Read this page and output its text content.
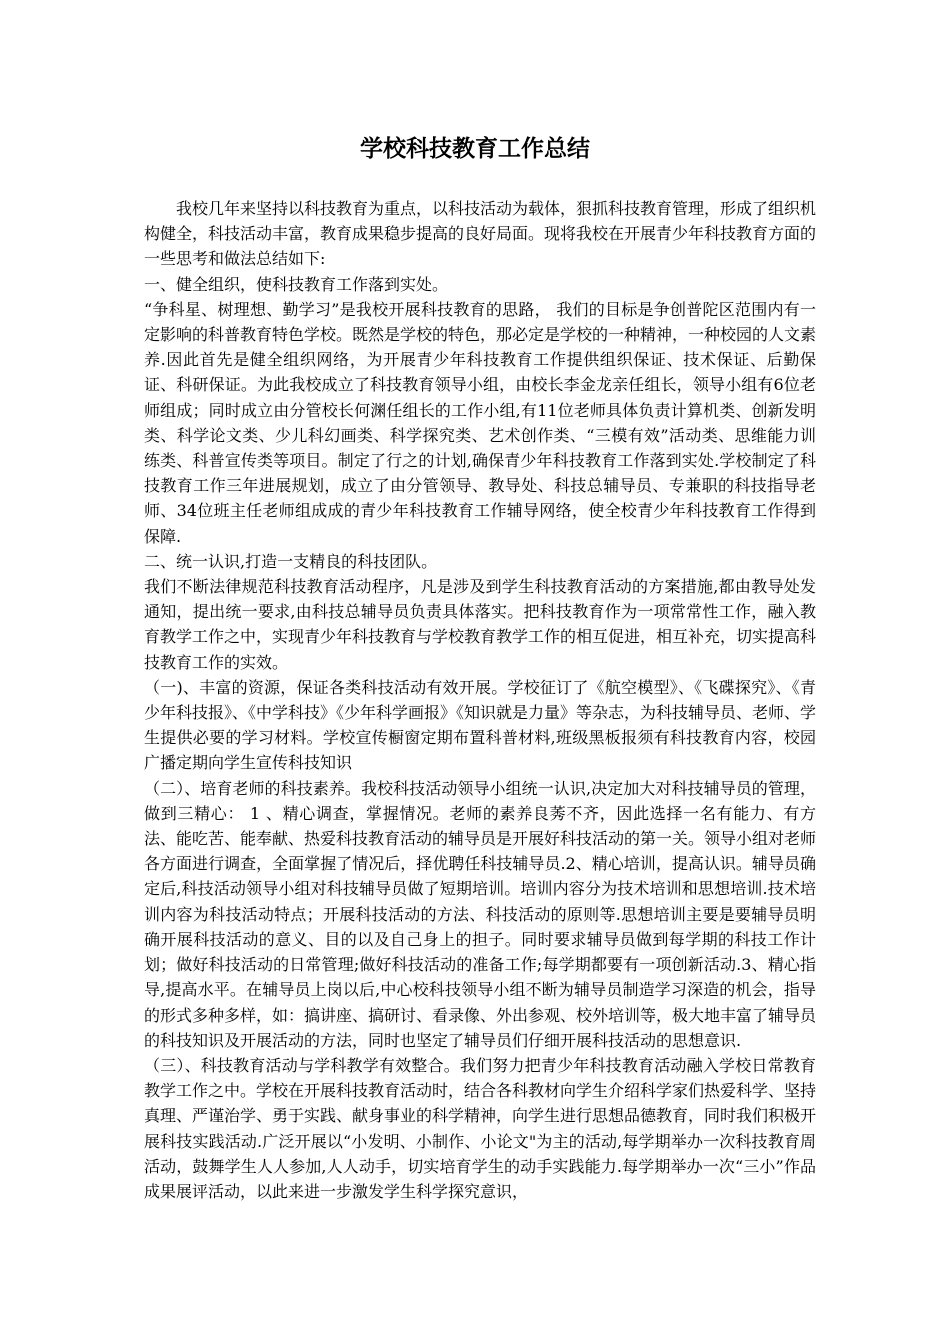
学校科技教育工作总结

我校几年来坚持以科技教育为重点，以科技活动为载体，狠抓科技教育管理，形成了组织机构健全，科技活动丰富，教育成果稳步提高的良好局面。现将我校在开展青少年科技教育方面的一些思考和做法总结如下:

一、健全组织，使科技教育工作落到实处。

“争科星、树理想、勤学习”是我校开展科技教育的思路， 我们的目标是争创普陀区范围内有一定影响的科普教育特色学校。既然是学校的特色，那必定是学校的一种精神，一种校园的人文素养.因此首先是健全组织网络，为开展青少年科技教育工作提供组织保证、技术保证、后勤保证、科研保证。为此我校成立了科技教育领导小组，由校长李金龙亲任组长，领导小组有6位老师组成；同时成立由分管校长何渊任组长的工作小组,有11位老师具体负责计算机类、创新发明类、科学论文类、少儿科幻画类、科学探究类、艺术创作类、“三模有效”活动类、思维能力训练类、科普宣传类等项目。制定了行之的计划,确保青少年科技教育工作落到实处.学校制定了科技教育工作三年进展规划，成立了由分管领导、教导处、科技总辅导员、专兼职的科技指导老师、34位班主任老师组成成的青少年科技教育工作辅导网络，使全校青少年科技教育工作得到保障.

二、统一认识,打造一支精良的科技团队。

我们不断法律规范科技教育活动程序，凡是涉及到学生科技教育活动的方案措施,都由教导处发通知，提出统一要求,由科技总辅导员负责具体落实。把科技教育作为一项常常性工作，融入教育教学工作之中，实现青少年科技教育与学校教育教学工作的相互促进，相互补充，切实提高科技教育工作的实效。

（一)、丰富的资源，保证各类科技活动有效开展。学校征订了《航空模型》、《飞碟探究》、《青少年科技报》、《中学科技》《少年科学画报》《知识就是力量》等杂志，为科技辅导员、老师、学生提供必要的学习材料。学校宣传橱窗定期布置科普材料,班级黑板报须有科技教育内容，校园广播定期向学生宣传科技知识

（二）、培育老师的科技素养。我校科技活动领导小组统一认识,决定加大对科技辅导员的管理，做到三精心： 1 、精心调查，掌握情况。老师的素养良莠不齐，因此选择一名有能力、有方法、能吃苦、能奉献、热爱科技教育活动的辅导员是开展好科技活动的第一关。领导小组对老师各方面进行调查，全面掌握了情况后，择优聘任科技辅导员.2、精心培训，提高认识。辅导员确定后,科技活动领导小组对科技辅导员做了短期培训。培训内容分为技术培训和思想培训.技术培训内容为科技活动特点；开展科技活动的方法、科技活动的原则等.思想培训主要是要辅导员明确开展科技活动的意义、目的以及自己身上的担子。同时要求辅导员做到每学期的科技工作计划；做好科技活动的日常管理;做好科技活动的准备工作;每学期都要有一项创新活动.3、精心指导,提高水平。在辅导员上岗以后,中心校科技领导小组不断为辅导员制造学习深造的机会，指导的形式多种多样，如：搞讲座、搞研讨、看录像、外出参观、校外培训等，极大地丰富了辅导员的科技知识及开展活动的方法，同时也坚定了辅导员们仔细开展科技活动的思想意识.

（三）、科技教育活动与学科教学有效整合。我们努力把青少年科技教育活动融入学校日常教育教学工作之中。学校在开展科技教育活动时，结合各科教材向学生介绍科学家们热爱科学、坚持真理、严谨治学、勇于实践、献身事业的科学精神，向学生进行思想品德教育，同时我们积极开展科技实践活动.广泛开展以“小发明、小制作、小论文"为主的活动,每学期举办一次科技教育周活动，鼓舞学生人人参加,人人动手，切实培育学生的动手实践能力.每学期举办一次“三小”作品成果展评活动，以此来进一步激发学生科学探究意识，
